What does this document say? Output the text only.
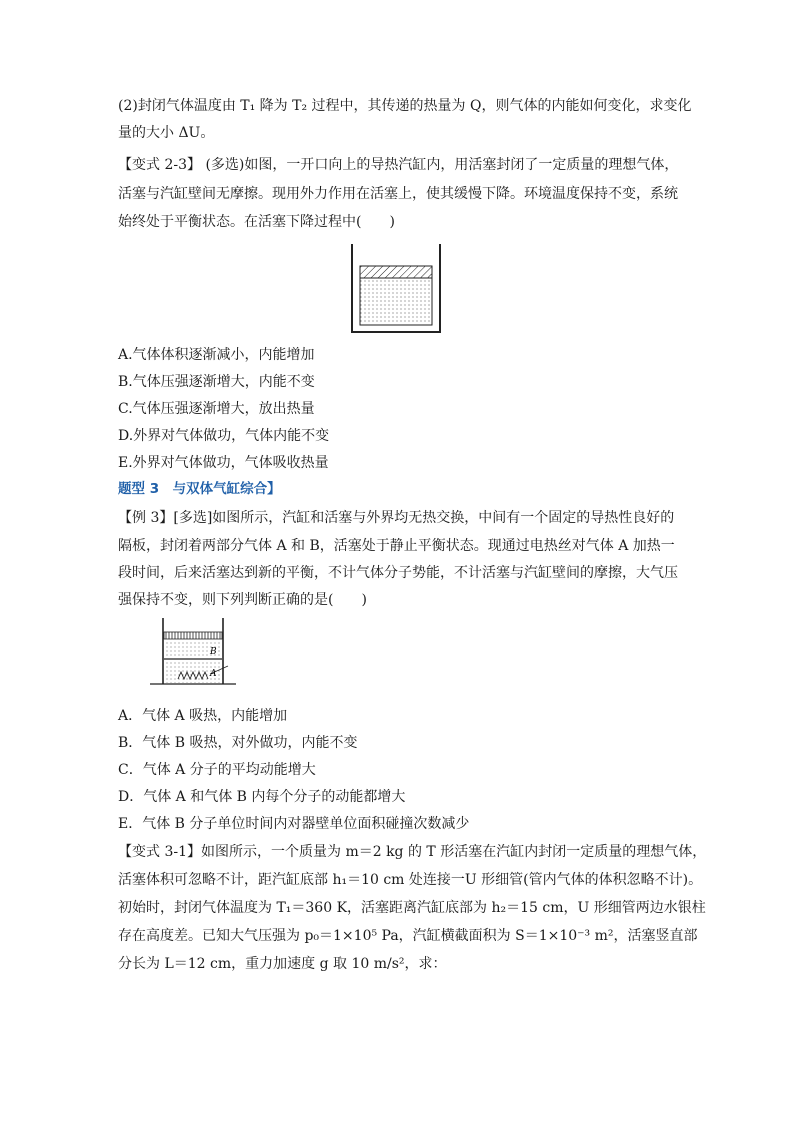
(2)封闭气体温度由 T₁ 降为 T₂ 过程中，其传递的热量为 Q，则气体的内能如何变化，求变化
量的大小 ΔU。
【变式 2-3】 (多选)如图，一开口向上的导热汽缸内，用活塞封闭了一定质量的理想气体，
活塞与汽缸壁间无摩擦。现用外力作用在活塞上，使其缓慢下降。环境温度保持不变，系统
始终处于平衡状态。在活塞下降过程中(　　)
A.气体体积逐渐减小，内能增加
B.气体压强逐渐增大，内能不变
C.气体压强逐渐增大，放出热量
D.外界对气体做功，气体内能不变
E.外界对气体做功，气体吸收热量
题型 3　与双体气缸综合】
【例 3】[多选]如图所示，汽缸和活塞与外界均无热交换，中间有一个固定的导热性良好的
隔板，封闭着两部分气体 A 和 B，活塞处于静止平衡状态。现通过电热丝对气体 A 加热一
段时间，后来活塞达到新的平衡，不计气体分子势能，不计活塞与汽缸壁间的摩擦，大气压
强保持不变，则下列判断正确的是(　　)
B
A
A．气体 A 吸热，内能增加
B．气体 B 吸热，对外做功，内能不变
C．气体 A 分子的平均动能增大
D．气体 A 和气体 B 内每个分子的动能都增大
E．气体 B 分子单位时间内对器壁单位面积碰撞次数减少
【变式 3-1】如图所示，一个质量为 m＝2 kg 的 T 形活塞在汽缸内封闭一定质量的理想气体，
活塞体积可忽略不计，距汽缸底部 h₁＝10 cm 处连接一U 形细管(管内气体的体积忽略不计)。
初始时，封闭气体温度为 T₁＝360 K，活塞距离汽缸底部为 h₂＝15 cm，U 形细管两边水银柱
存在高度差。已知大气压强为 p₀＝1×10⁵ Pa，汽缸横截面积为 S＝1×10⁻³ m²，活塞竖直部
分长为 L＝12 cm，重力加速度 g 取 10 m/s²，求：
